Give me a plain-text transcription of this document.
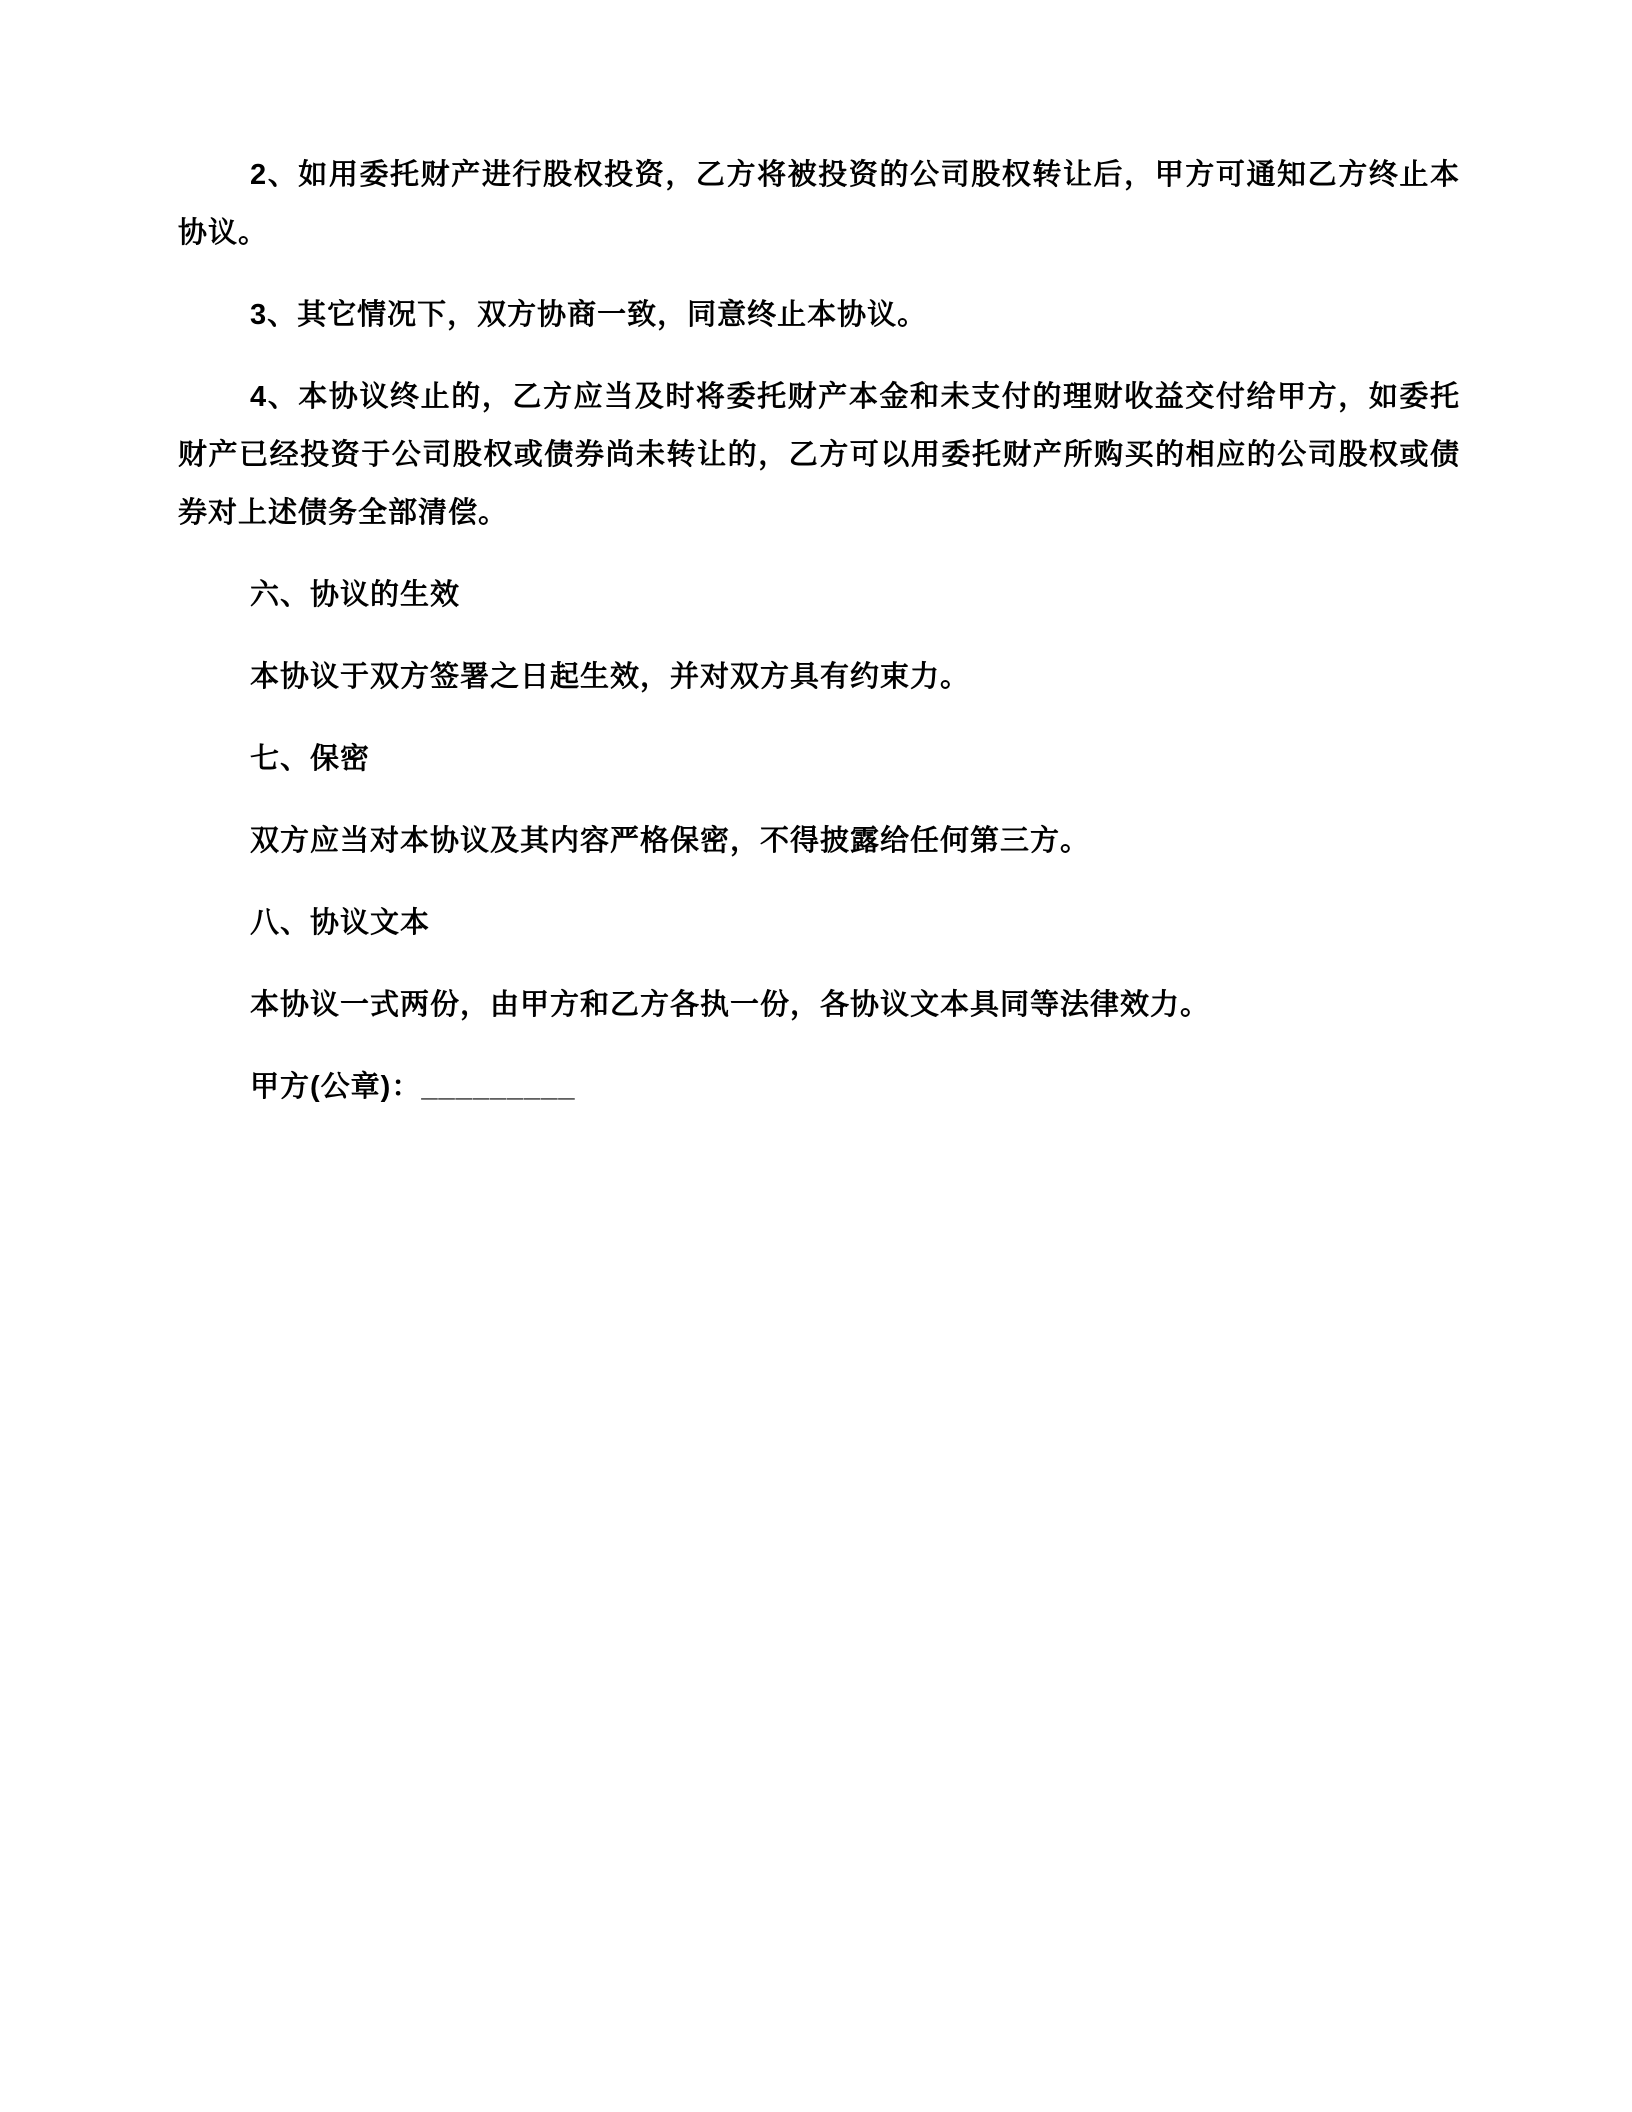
2、如用委托财产进行股权投资，乙方将被投资的公司股权转让后，甲方可通知乙方终止本协议。

3、其它情况下，双方协商一致，同意终止本协议。

4、本协议终止的，乙方应当及时将委托财产本金和未支付的理财收益交付给甲方，如委托财产已经投资于公司股权或债券尚未转让的，乙方可以用委托财产所购买的相应的公司股权或债券对上述债务全部清偿。

六、协议的生效

本协议于双方签署之日起生效，并对双方具有约束力。

七、保密

双方应当对本协议及其内容严格保密，不得披露给任何第三方。

八、协议文本

本协议一式两份，由甲方和乙方各执一份，各协议文本具同等法律效力。

甲方(公章)：_________
